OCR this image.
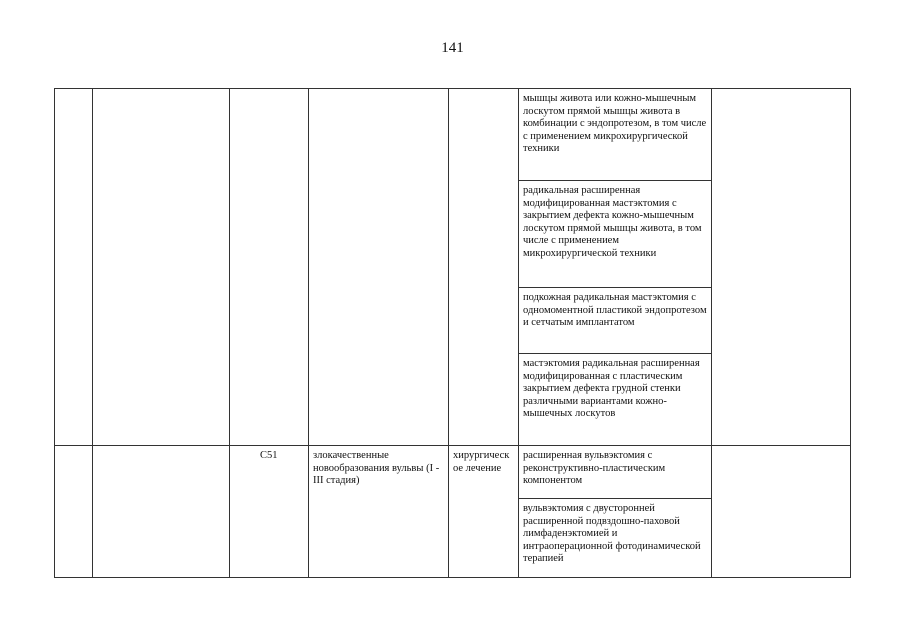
141

					мышцы живота или кожно-мышечным лоскутом прямой мышцы живота в комбинации с эндопротезом, в том числе с применением микрохирургической техники	

					радикальная расширенная модифицированная мастэктомия с закрытием дефекта кожно-мышечным лоскутом прямой мышцы живота, в том числе с применением микрохирургической техники	

					подкожная радикальная мастэктомия с одномоментной пластикой эндопротезом и сетчатым имплантатом	

					мастэктомия радикальная расширенная модифицированная с пластическим закрытием дефекта грудной стенки различными вариантами кожно-мышечных лоскутов	

		C51	злокачественные новообразования вульвы (I - III стадия)	хирургическ ое лечение	расширенная вульвэктомия с реконструктивно-пластическим компонентом	

					вульвэктомия с двусторонней расширенной подвздошно-паховой лимфаденэктомией и интраоперационной фотодинамической терапией	
